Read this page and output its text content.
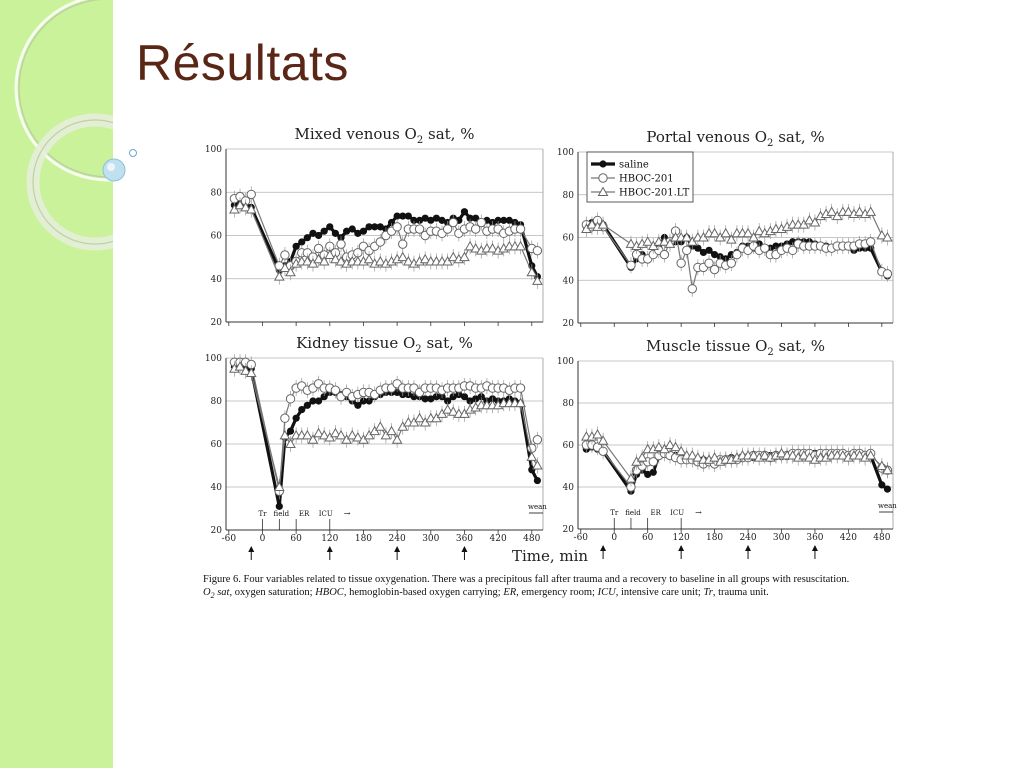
Résultats
Mixed venous $O_2$ sat, %
20
40
60
80
100
Portal venous $O_2$ sat, %
20
40
60
80
100
Kidney tissue $O_2$ sat, %
20
40
60
80
100
Tr field ER ICU →
wean
-60	0	60 120 180 240 300 360 420 480
Muscle tissue $O_2$ sat, %
20
40
60
80
100
Tr field ER ICU →
wean
-60	0	60 120 180 240 300 360 420 480
saline
HBOC-201
HBOC-201.LT
Time, min
Figure 6. Four variables related to tissue oxygenation. There was a precipitous fall after trauma and a recovery to baseline in all groups with resuscitation.
$O_2$ sat, oxygen saturation; HBOC, hemoglobin-based oxygen carrying; ER, emergency room; ICU, intensive care unit; Tr, trauma unit.
